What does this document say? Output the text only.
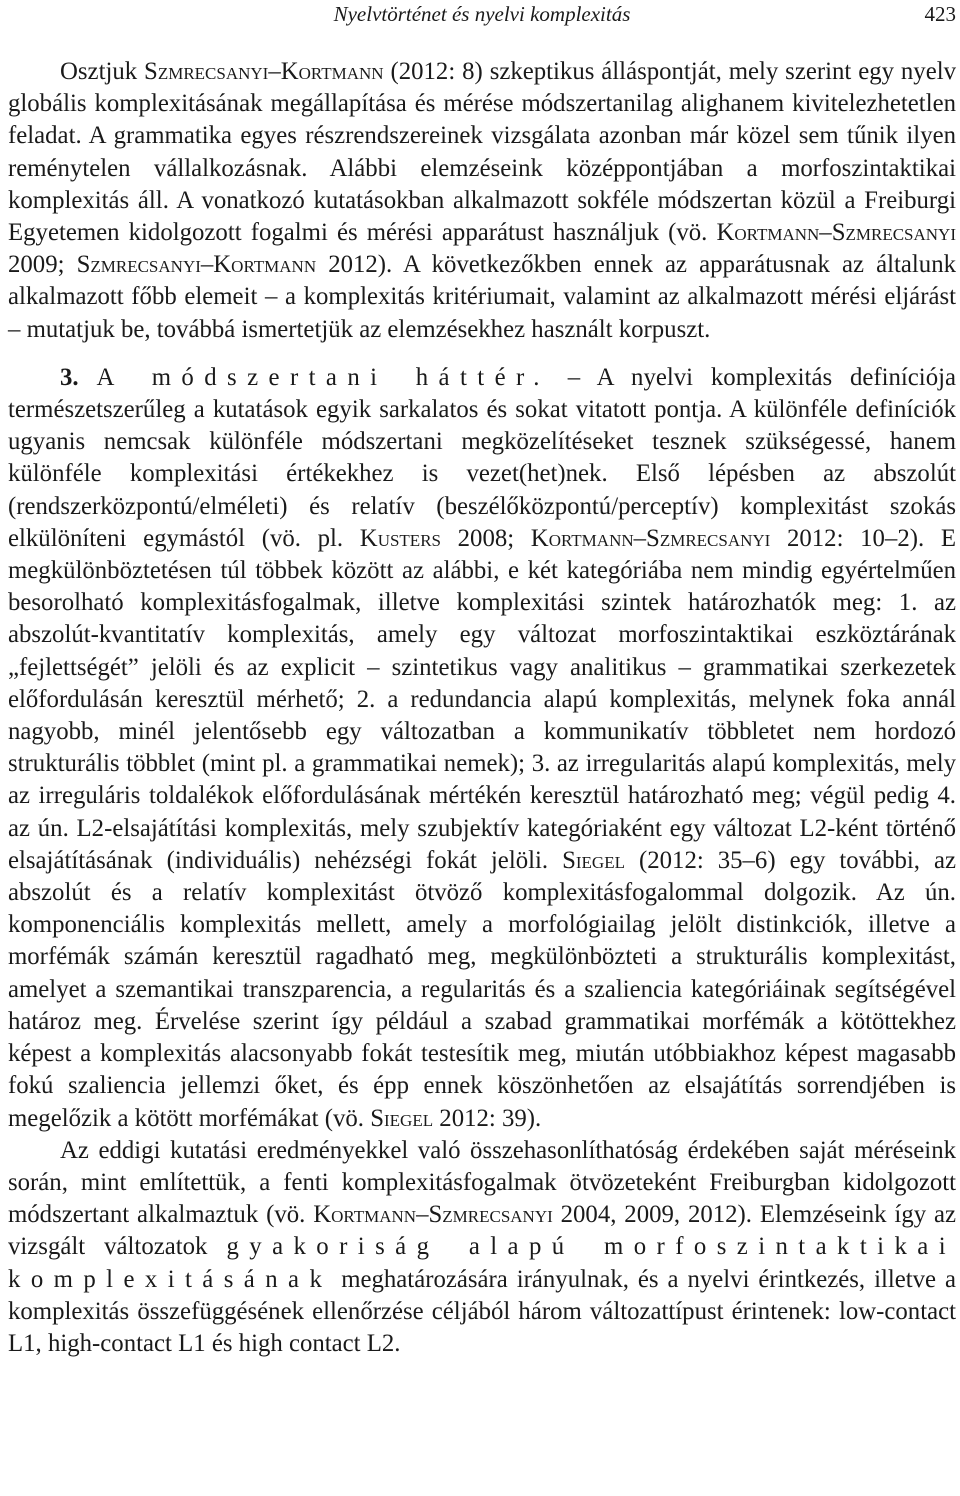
Nyelvtörténet és nyelvi komplexitás	423

Osztjuk Szmrecsanyi–Kortmann (2012: 8) szkeptikus álláspontját, mely szerint egy nyelv globális komplexitásának megállapítása és mérése módszertanilag alighanem kivitelezhetetlen feladat. A grammatika egyes részrendszereinek vizsgálata azonban már közel sem tűnik ilyen reménytelen vállalkozásnak. Alábbi elemzéseink középpontjában a morfoszintaktikai komplexitás áll. A vonatkozó kutatásokban alkalmazott sokféle módszertan közül a Freiburgi Egyetemen kidolgozott fogalmi és mérési apparátust használjuk (vö. Kortmann–Szmrecsanyi 2009; Szmrecsanyi–Kortmann 2012). A következőkben ennek az apparátusnak az általunk alkalmazott főbb elemeit – a komplexitás kritériumait, valamint az alkalmazott mérési eljárást – mutatjuk be, továbbá ismertetjük az elemzésekhez használt korpuszt.

3. A módszertani háttér. – A nyelvi komplexitás definíciója természetszerűleg a kutatások egyik sarkalatos és sokat vitatott pontja. A különféle definíciók ugyanis nemcsak különféle módszertani megközelítéseket tesznek szükségessé, hanem különféle komplexitási értékekhez is vezet(het)nek. Első lépésben az abszolút (rendszerközpontú/elméleti) és relatív (beszélőközpontú/perceptív) komplexitást szokás elkülöníteni egymástól (vö. pl. Kusters 2008; Kortmann–Szmrecsanyi 2012: 10–2). E megkülönböztetésen túl többek között az alábbi, e két kategóriába nem mindig egyértelműen besorolható komplexitásfogalmak, illetve komplexitási szintek határozhatók meg: 1. az abszolút-kvantitatív komplexitás, amely egy változat morfoszintaktikai eszköztárának „fejlettségét” jelöli és az explicit – szintetikus vagy analitikus – grammatikai szerkezetek előfordulásán keresztül mérhető; 2. a redundancia alapú komplexitás, melynek foka annál nagyobb, minél jelentősebb egy változatban a kommunikatív többletet nem hordozó strukturális többlet (mint pl. a grammatikai nemek); 3. az irregularitás alapú komplexitás, mely az irreguláris toldalékok előfordulásának mértékén keresztül határozható meg; végül pedig 4. az ún. L2-elsajátítási komplexitás, mely szubjektív kategóriaként egy változat L2-ként történő elsajátításának (individuális) nehézségi fokát jelöli. Siegel (2012: 35–6) egy további, az abszolút és a relatív komplexitást ötvöző komplexitásfogalommal dolgozik. Az ún. komponenciális komplexitás mellett, amely a morfológiailag jelölt distinkciók, illetve a morfémák számán keresztül ragadható meg, megkülönbözteti a strukturális komplexitást, amelyet a szemantikai transzparencia, a regularitás és a szaliencia kategóriáinak segítségével határoz meg. Érvelése szerint így például a szabad grammatikai morfémák a kötöttekhez képest a komplexitás alacsonyabb fokát testesítik meg, miután utóbbiakhoz képest magasabb fokú szaliencia jellemzi őket, és épp ennek köszönhetően az elsajátítás sorrendjében is megelőzik a kötött morfémákat (vö. Siegel 2012: 39).

Az eddigi kutatási eredményekkel való összehasonlíthatóság érdekében saját méréseink során, mint említettük, a fenti komplexitásfogalmak ötvözeteként Freiburgban kidolgozott módszertant alkalmaztuk (vö. Kortmann–Szmrecsanyi 2004, 2009, 2012). Elemzéseink így az vizsgált változatok gyakoriság alapú morfoszintaktikai komplexitásának meghatározására irányulnak, és a nyelvi érintkezés, illetve a komplexitás összefüggésének ellenőrzése céljából három változattípust érintenek: low-contact L1, high-contact L1 és high contact L2.
